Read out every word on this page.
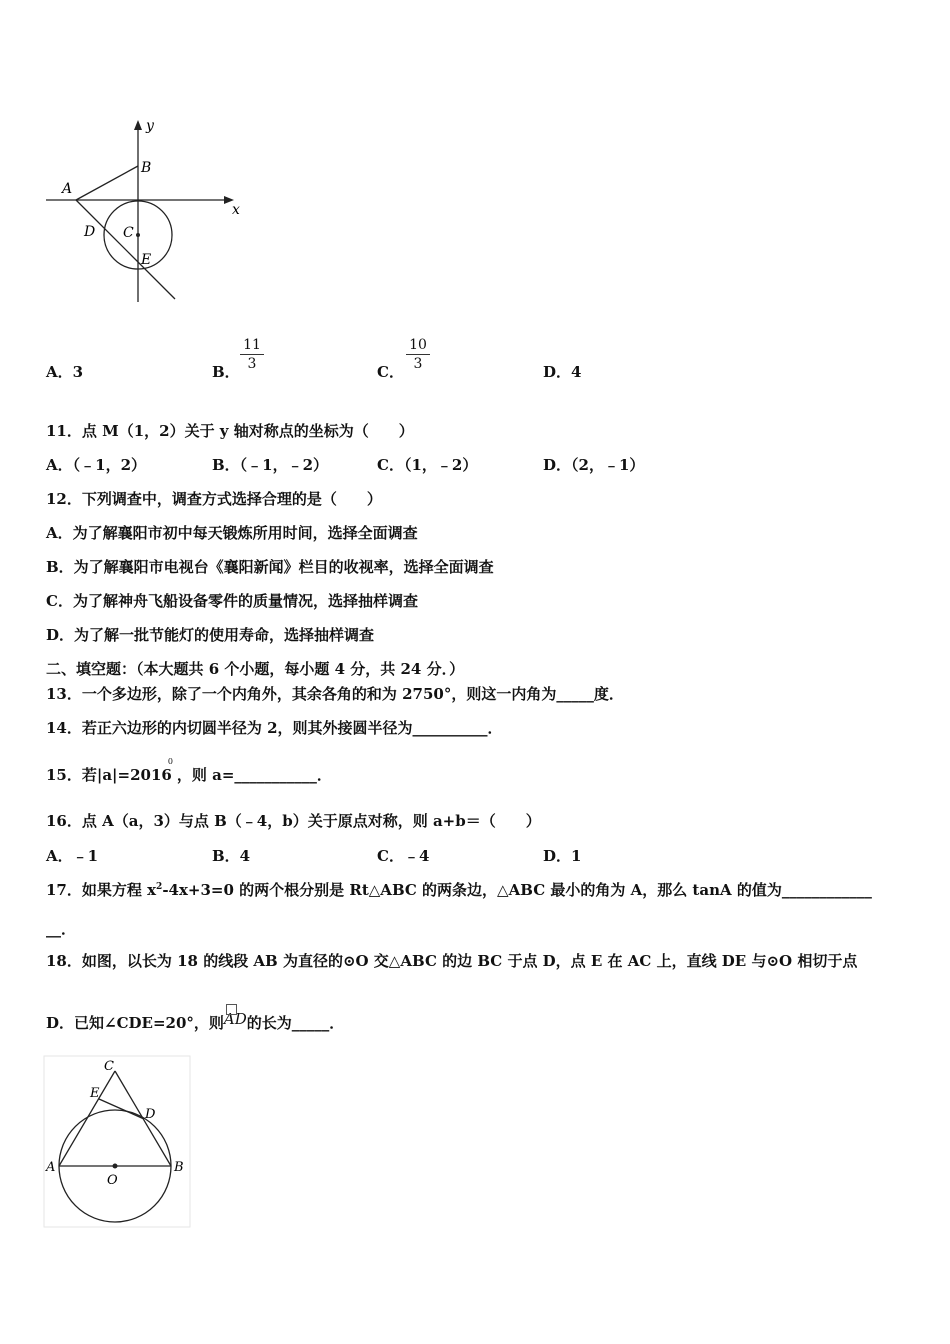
y
x
A
B
C
D
E
A．3	B． $\frac{11}{3}$	C． $\frac{10}{3}$	D．4
11．点 M（1，2）关于 y 轴对称点的坐标为（　　）
A．（﹣1，2）	B．（﹣1，﹣2）	C．（1，﹣2）	D．（2，﹣1）
12．下列调查中，调查方式选择合理的是（　　）
A．为了解襄阳市初中每天锻炼所用时间，选择全面调查
B．为了解襄阳市电视台《襄阳新闻》栏目的收视率，选择全面调查
C．为了解神舟飞船设备零件的质量情况，选择抽样调查
D．为了解一批节能灯的使用寿命，选择抽样调查
二、填空题：（本大题共 6 个小题，每小题 4 分，共 24 分．）
13．一个多边形，除了一个内角外，其余各角的和为 2750°，则这一内角为_____度．
14．若正六边形的内切圆半径为 2，则其外接圆半径为__________．
15．若$|a|=2016^0$，则 a=___________．
16．点 A（a，3）与点 B（﹣4，b）关于原点对称，则 a+b＝（　　）
A．﹣1	B．4	C．﹣4	D．1
17．如果方程 $x^2-4x+3=0$ 的两个根分别是 Rt△ABC 的两条边，△ABC 最小的角为 A，那么 tanA 的值为____________
__．
18．如图，以长为 18 的线段 AB 为直径的⊙O 交△ABC 的边 BC 于点 D，点 E 在 AC 上，直线 DE 与⊙O 相切于点
D．已知∠CDE=20°，则AD的长为_____．
C
E
D
A
O
B
